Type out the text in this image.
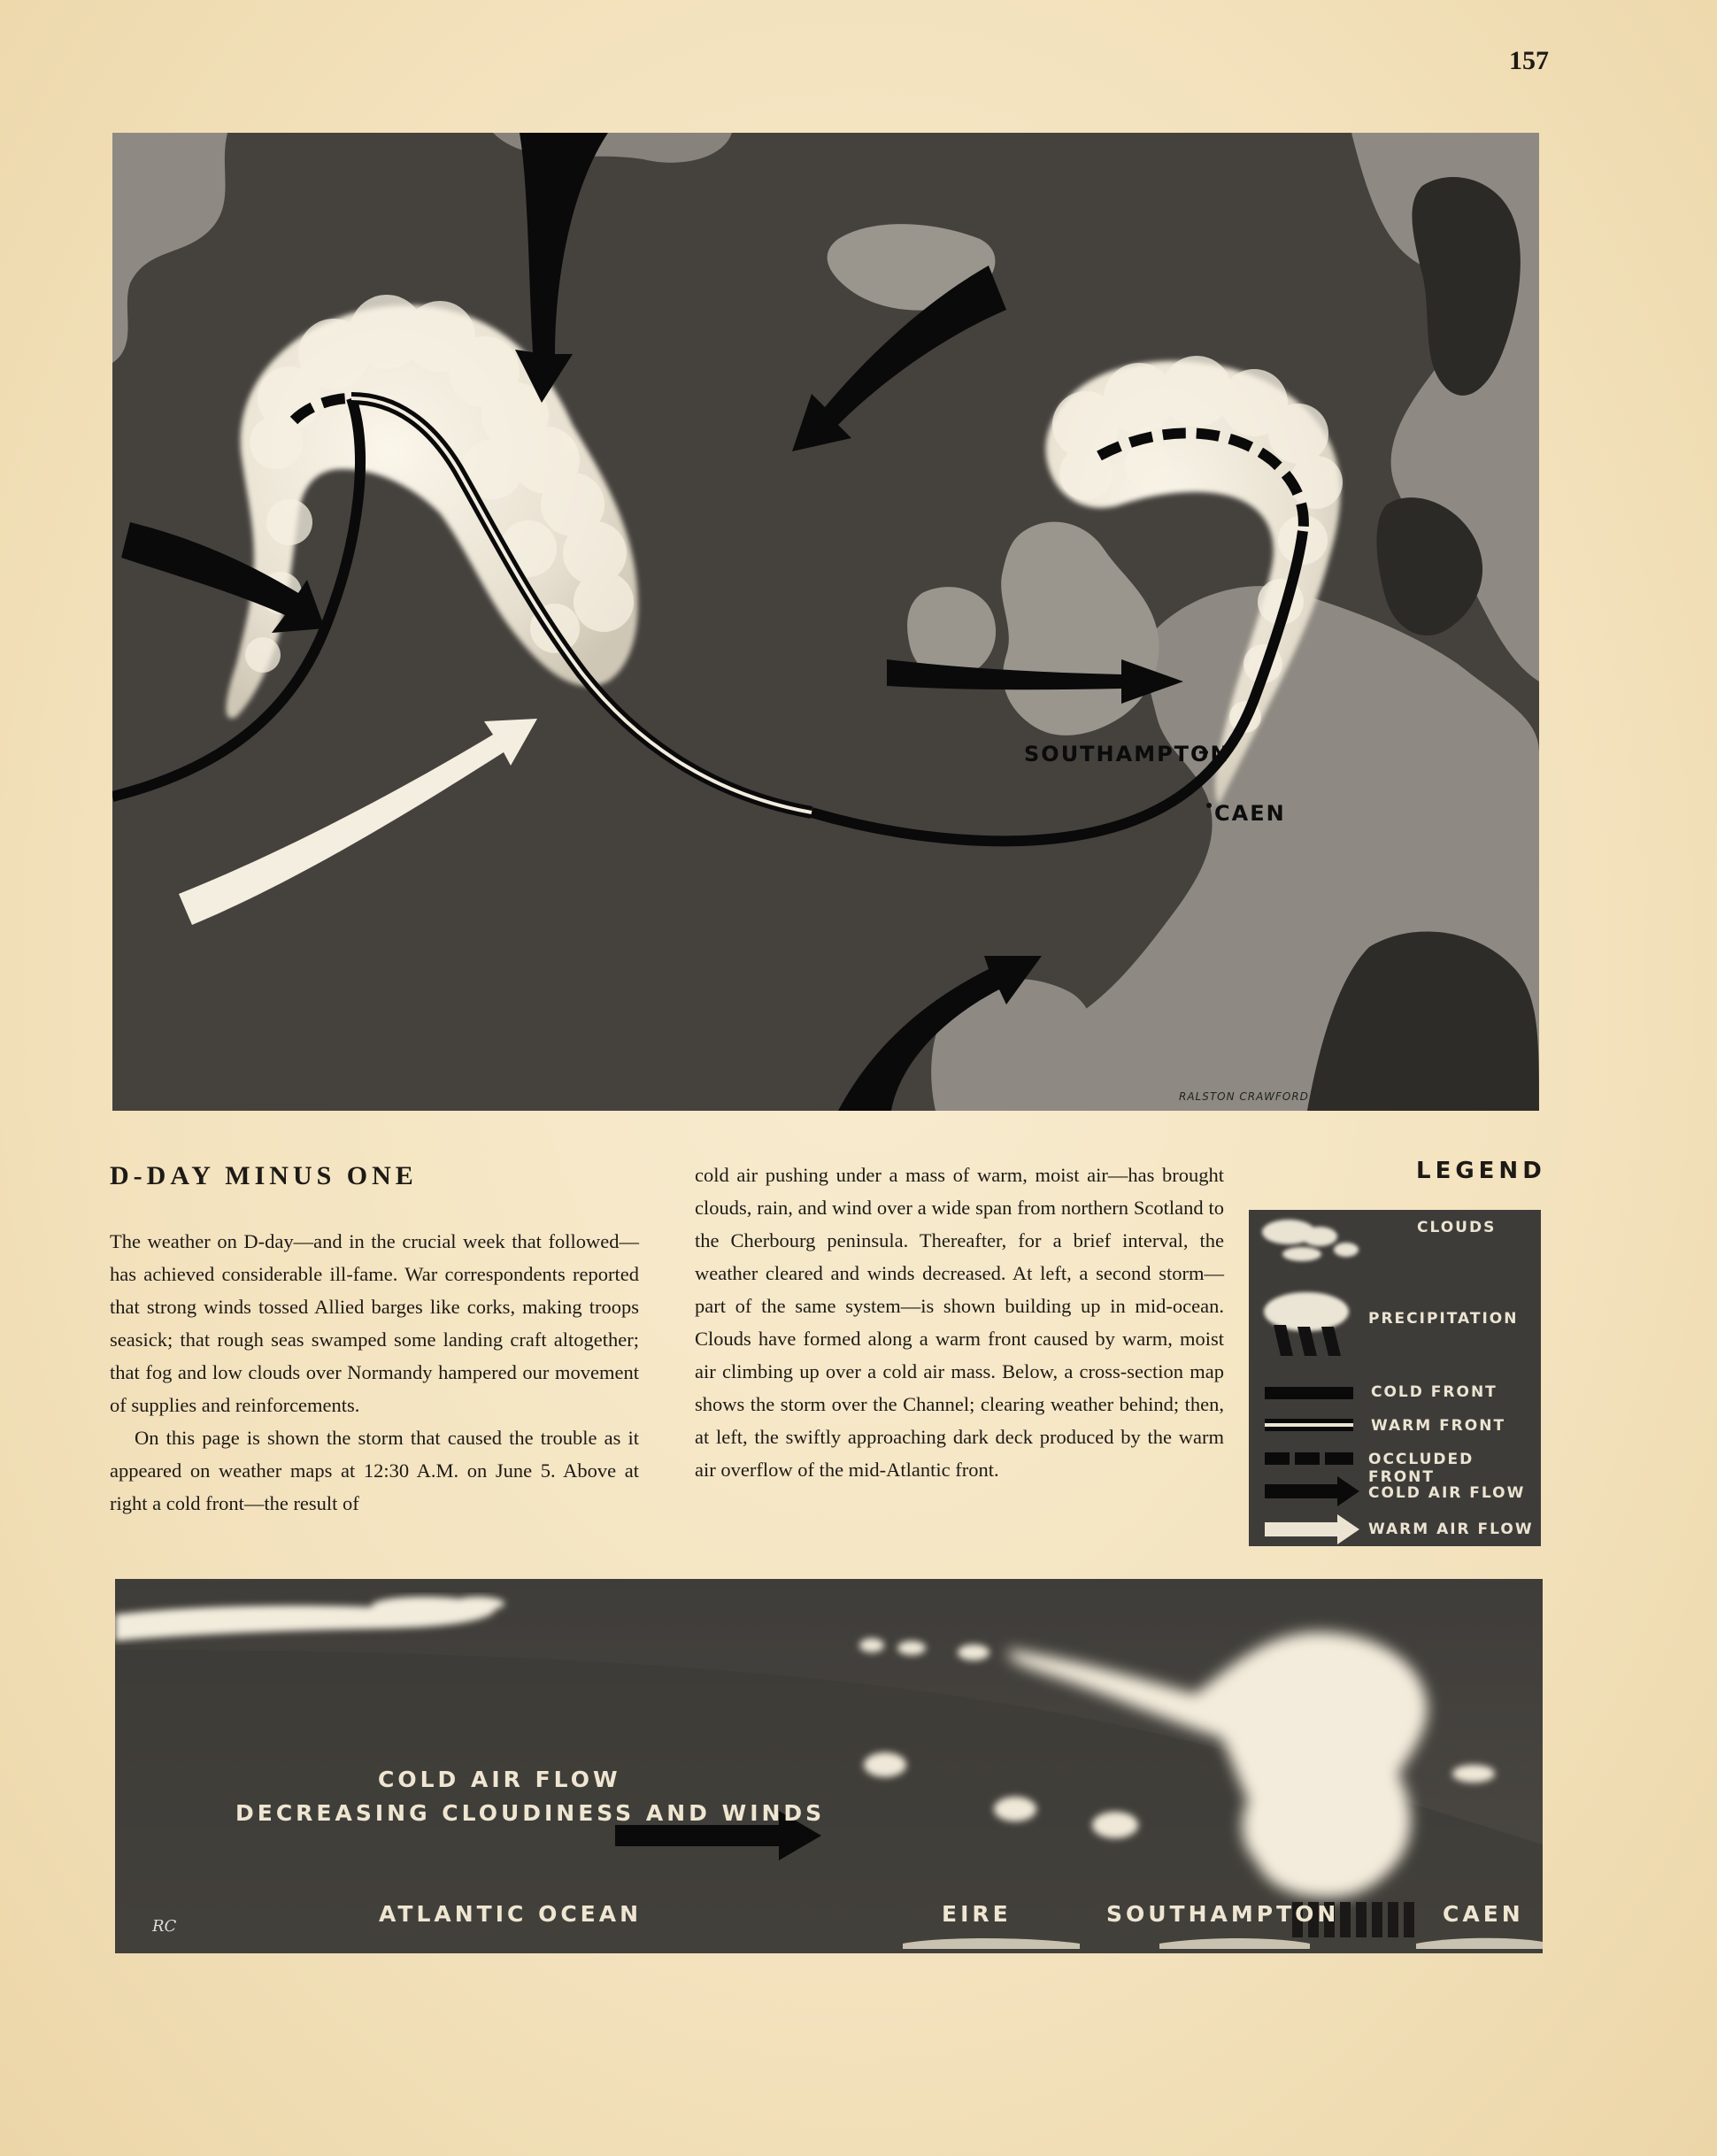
157
SOUTHAMPTON
CAEN
RALSTON CRAWFORD
D-DAY MINUS ONE

The weather on D-day—and in the crucial week that followed—has achieved considerable ill-fame. War correspondents reported that strong winds tossed Allied barges like corks, making troops seasick; that rough seas swamped some landing craft altogether; that fog and low clouds over Normandy hampered our movement of supplies and reinforcements.

On this page is shown the storm that caused the trouble as it appeared on weather maps at 12:30 A.M. on June 5. Above at right a cold front—the result of

cold air pushing under a mass of warm, moist air—has brought clouds, rain, and wind over a wide span from northern Scotland to the Cherbourg peninsula. Thereafter, for a brief interval, the weather cleared and winds decreased. At left, a second storm—part of the same system—is shown building up in mid-ocean. Clouds have formed along a warm front caused by warm, moist air climbing up over a cold air mass. Below, a cross-section map shows the storm over the Channel; clearing weather behind; then, at left, the swiftly approaching dark deck produced by the warm air overflow of the mid-Atlantic front.

LEGEND
CLOUDS
PRECIPITATION
COLD FRONT
WARM FRONT
OCCLUDED FRONT
COLD AIR FLOW
WARM AIR FLOW
COLD AIR FLOW
DECREASING CLOUDINESS AND WINDS
ATLANTIC OCEAN	EIRE	SOUTHAMPTON	CAEN
RC
